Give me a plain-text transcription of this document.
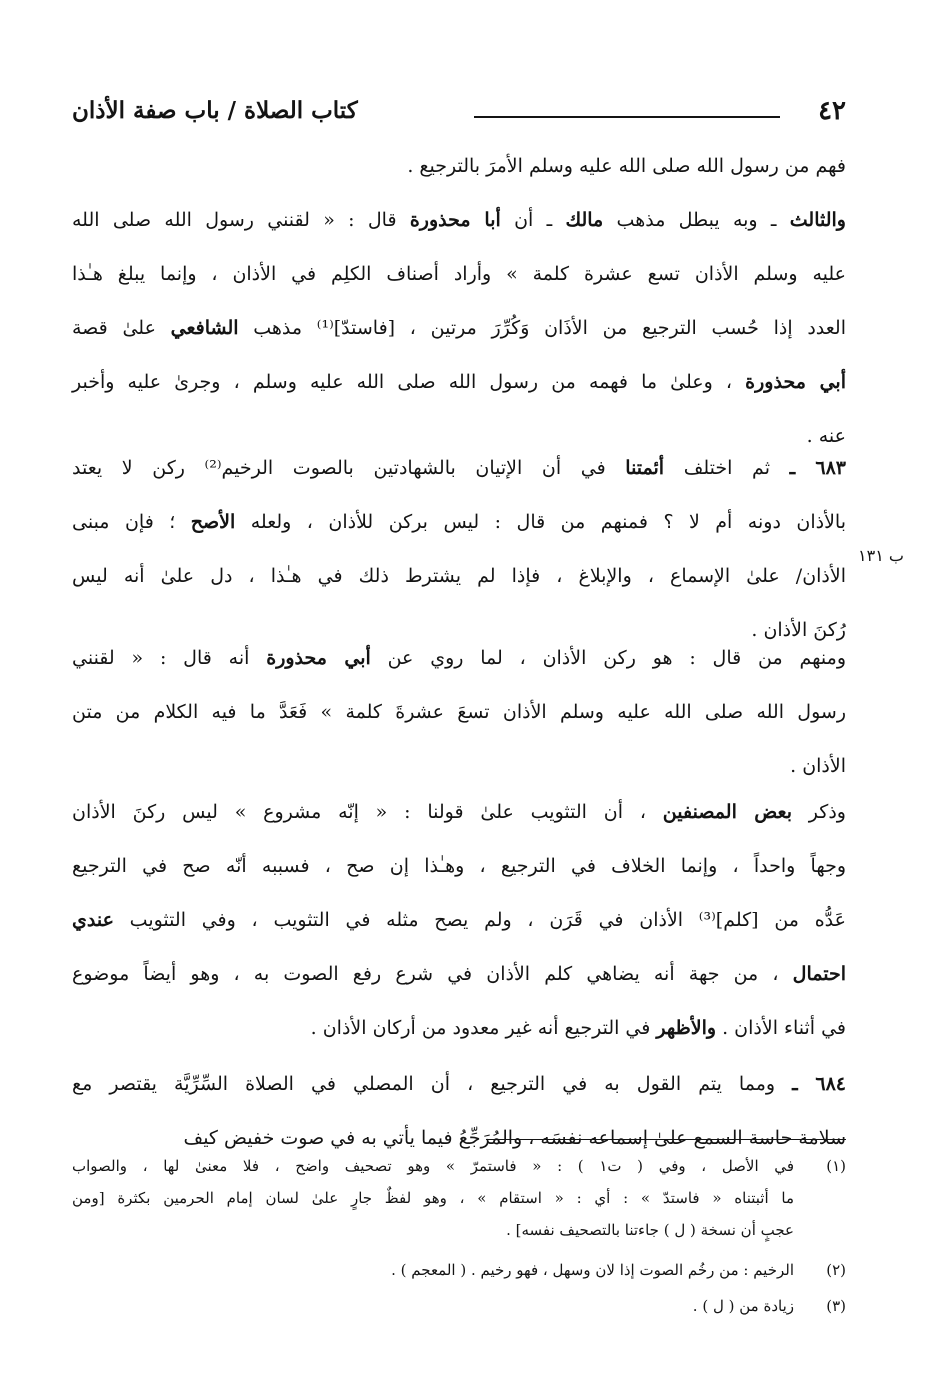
٤٢
كتاب الصلاة / باب صفة الأذان
فهم من رسول الله صلى الله عليه وسلم الأمرَ بالترجيع .
والثالث ـ وبه يبطل مذهب مالك ـ أن أبا محذورة قال : « لقنني رسول الله صلى الله
عليه وسلم الأذان تسع عشرة كلمة » وأراد أصناف الكلِم في الأذان ، وإنما يبلغ هـٰذا
العدد إذا حُسب الترجيع من الأذَان وَكُرِّرَ مرتين ، [فاستدّ]⁽¹⁾ مذهب الشافعي علىٰ قصة
أبي محذورة ، وعلىٰ ما فهمه من رسول الله صلى الله عليه وسلم ، وجرىٰ عليه وأخبر
عنه .
٦٨٣ ـ ثم اختلف أئمتنا في أن الإتيان بالشهادتين بالصوت الرخيم⁽²⁾ ركن لا يعتد
بالأذان دونه أم لا ؟ فمنهم من قال : ليس بركن للأذان ، ولعله الأصح ؛ فإن مبنى
الأذان/ علىٰ الإسماع ، والإبلاغ ، فإذا لم يشترط ذلك في هـٰذا ، دل علىٰ أنه ليس
رُكنَ الأذان .
ومنهم من قال : هو ركن الأذان ، لما روي عن أبي محذورة أنه قال : « لقنني
رسول الله صلى الله عليه وسلم الأذان تسعَ عشرةَ كلمة » فَعَدَّ ما فيه الكلام من متن
الأذان .
وذكر بعض المصنفين ، أن التثويب علىٰ قولنا : « إنّه مشروع » ليس ركنَ الأذان
وجهاً واحداً ، وإنما الخلاف في الترجيع ، وهـٰذا إن صح ، فسببه أنّه صح في الترجيع
عَدُّه من [كلم]⁽³⁾ الأذان في قَرَن ، ولم يصح مثله في التثويب ، وفي التثويب عندي
احتمال ، من جهة أنه يضاهي كلم الأذان في شرع رفع الصوت به ، وهو أيضاً موضوع
في أثناء الأذان . والأظهر في الترجيع أنه غير معدود من أركان الأذان .
٦٨٤ ـ ومما يتم القول به في الترجيع ، أن المصلي في الصلاة السِّرِّيَّة يقتصر مع
سلامة حاسة السمع علىٰ إسماعه نفسَه ، والمُرَجِّعُ فيما يأتي به في صوت خفيض كيف
ب ١٣١
(١)
في الأصل ، وفي ( ت١ ) : « فاستمرّ » وهو تصحيف واضح ، فلا معنىٰ لها ، والصواب
ما أثبتناه « فاستدّ » : أي : « استقام » ، وهو لفظٌ جارٍ علىٰ لسان إمام الحرمين بكثرة [ومن
عجبٍ أن نسخة ( ل ) جاءتنا بالتصحيف نفسه] .
(٢)
الرخيم : من رخُم الصوت إذا لان وسهل ، فهو رخيم . ( المعجم ) .
(٣)
زيادة من ( ل ) .
